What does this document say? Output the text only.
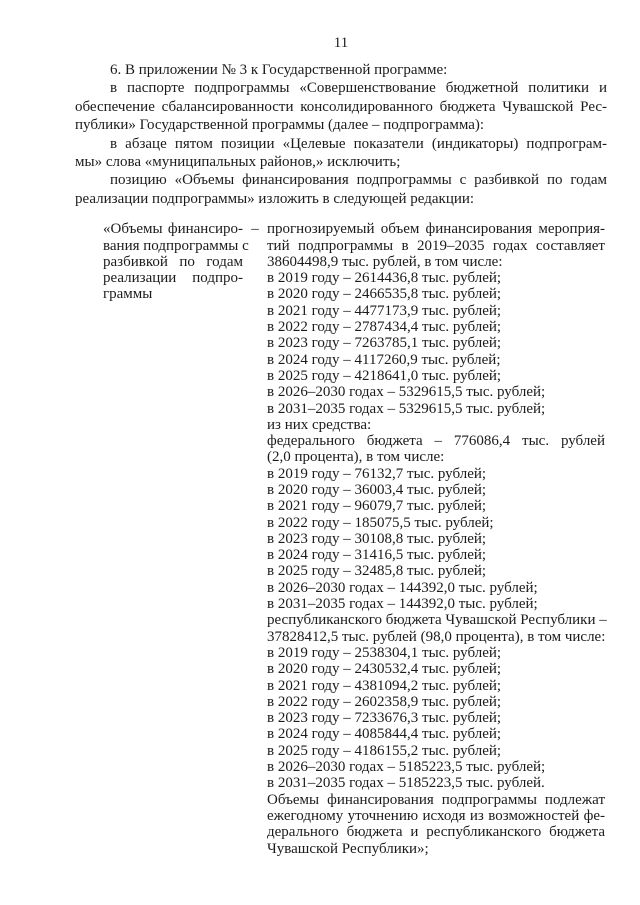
11
6. В приложении № 3 к Государственной программе:
в паспорте подпрограммы «Совершенствование бюджетной политики и
обеспечение сбалансированности консолидированного бюджета Чувашской Рес-
публики» Государственной программы (далее – подпрограмма):
в абзаце пятом позиции «Целевые показатели (индикаторы) подпрограм-
мы» слова «муниципальных районов,» исключить;
позицию «Объемы финансирования подпрограммы с разбивкой по годам
реализации подпрограммы» изложить в следующей редакции:
«Объемы финансиро-
вания подпрограммы с
разбивкой по годам
реализации подпро-
граммы
– прогнозируемый объем финансирования мероприя-
тий подпрограммы в 2019–2035 годах составляет
38604498,9 тыс. рублей, в том числе:
в 2019 году – 2614436,8 тыс. рублей;
в 2020 году – 2466535,8 тыс. рублей;
в 2021 году – 4477173,9 тыс. рублей;
в 2022 году – 2787434,4 тыс. рублей;
в 2023 году – 7263785,1 тыс. рублей;
в 2024 году – 4117260,9 тыс. рублей;
в 2025 году – 4218641,0 тыс. рублей;
в 2026–2030 годах – 5329615,5 тыс. рублей;
в 2031–2035 годах – 5329615,5 тыс. рублей;
из них средства:
федерального бюджета – 776086,4 тыс. рублей
(2,0 процента), в том числе:
в 2019 году – 76132,7 тыс. рублей;
в 2020 году – 36003,4 тыс. рублей;
в 2021 году – 96079,7 тыс. рублей;
в 2022 году – 185075,5 тыс. рублей;
в 2023 году – 30108,8 тыс. рублей;
в 2024 году – 31416,5 тыс. рублей;
в 2025 году – 32485,8 тыс. рублей;
в 2026–2030 годах – 144392,0 тыс. рублей;
в 2031–2035 годах – 144392,0 тыс. рублей;
республиканского бюджета Чувашской Республики –
37828412,5 тыс. рублей (98,0 процента), в том числе:
в 2019 году – 2538304,1 тыс. рублей;
в 2020 году – 2430532,4 тыс. рублей;
в 2021 году – 4381094,2 тыс. рублей;
в 2022 году – 2602358,9 тыс. рублей;
в 2023 году – 7233676,3 тыс. рублей;
в 2024 году – 4085844,4 тыс. рублей;
в 2025 году – 4186155,2 тыс. рублей;
в 2026–2030 годах – 5185223,5 тыс. рублей;
в 2031–2035 годах – 5185223,5 тыс. рублей.
Объемы финансирования подпрограммы подлежат
ежегодному уточнению исходя из возможностей фе-
дерального бюджета и республиканского бюджета
Чувашской Республики»;
